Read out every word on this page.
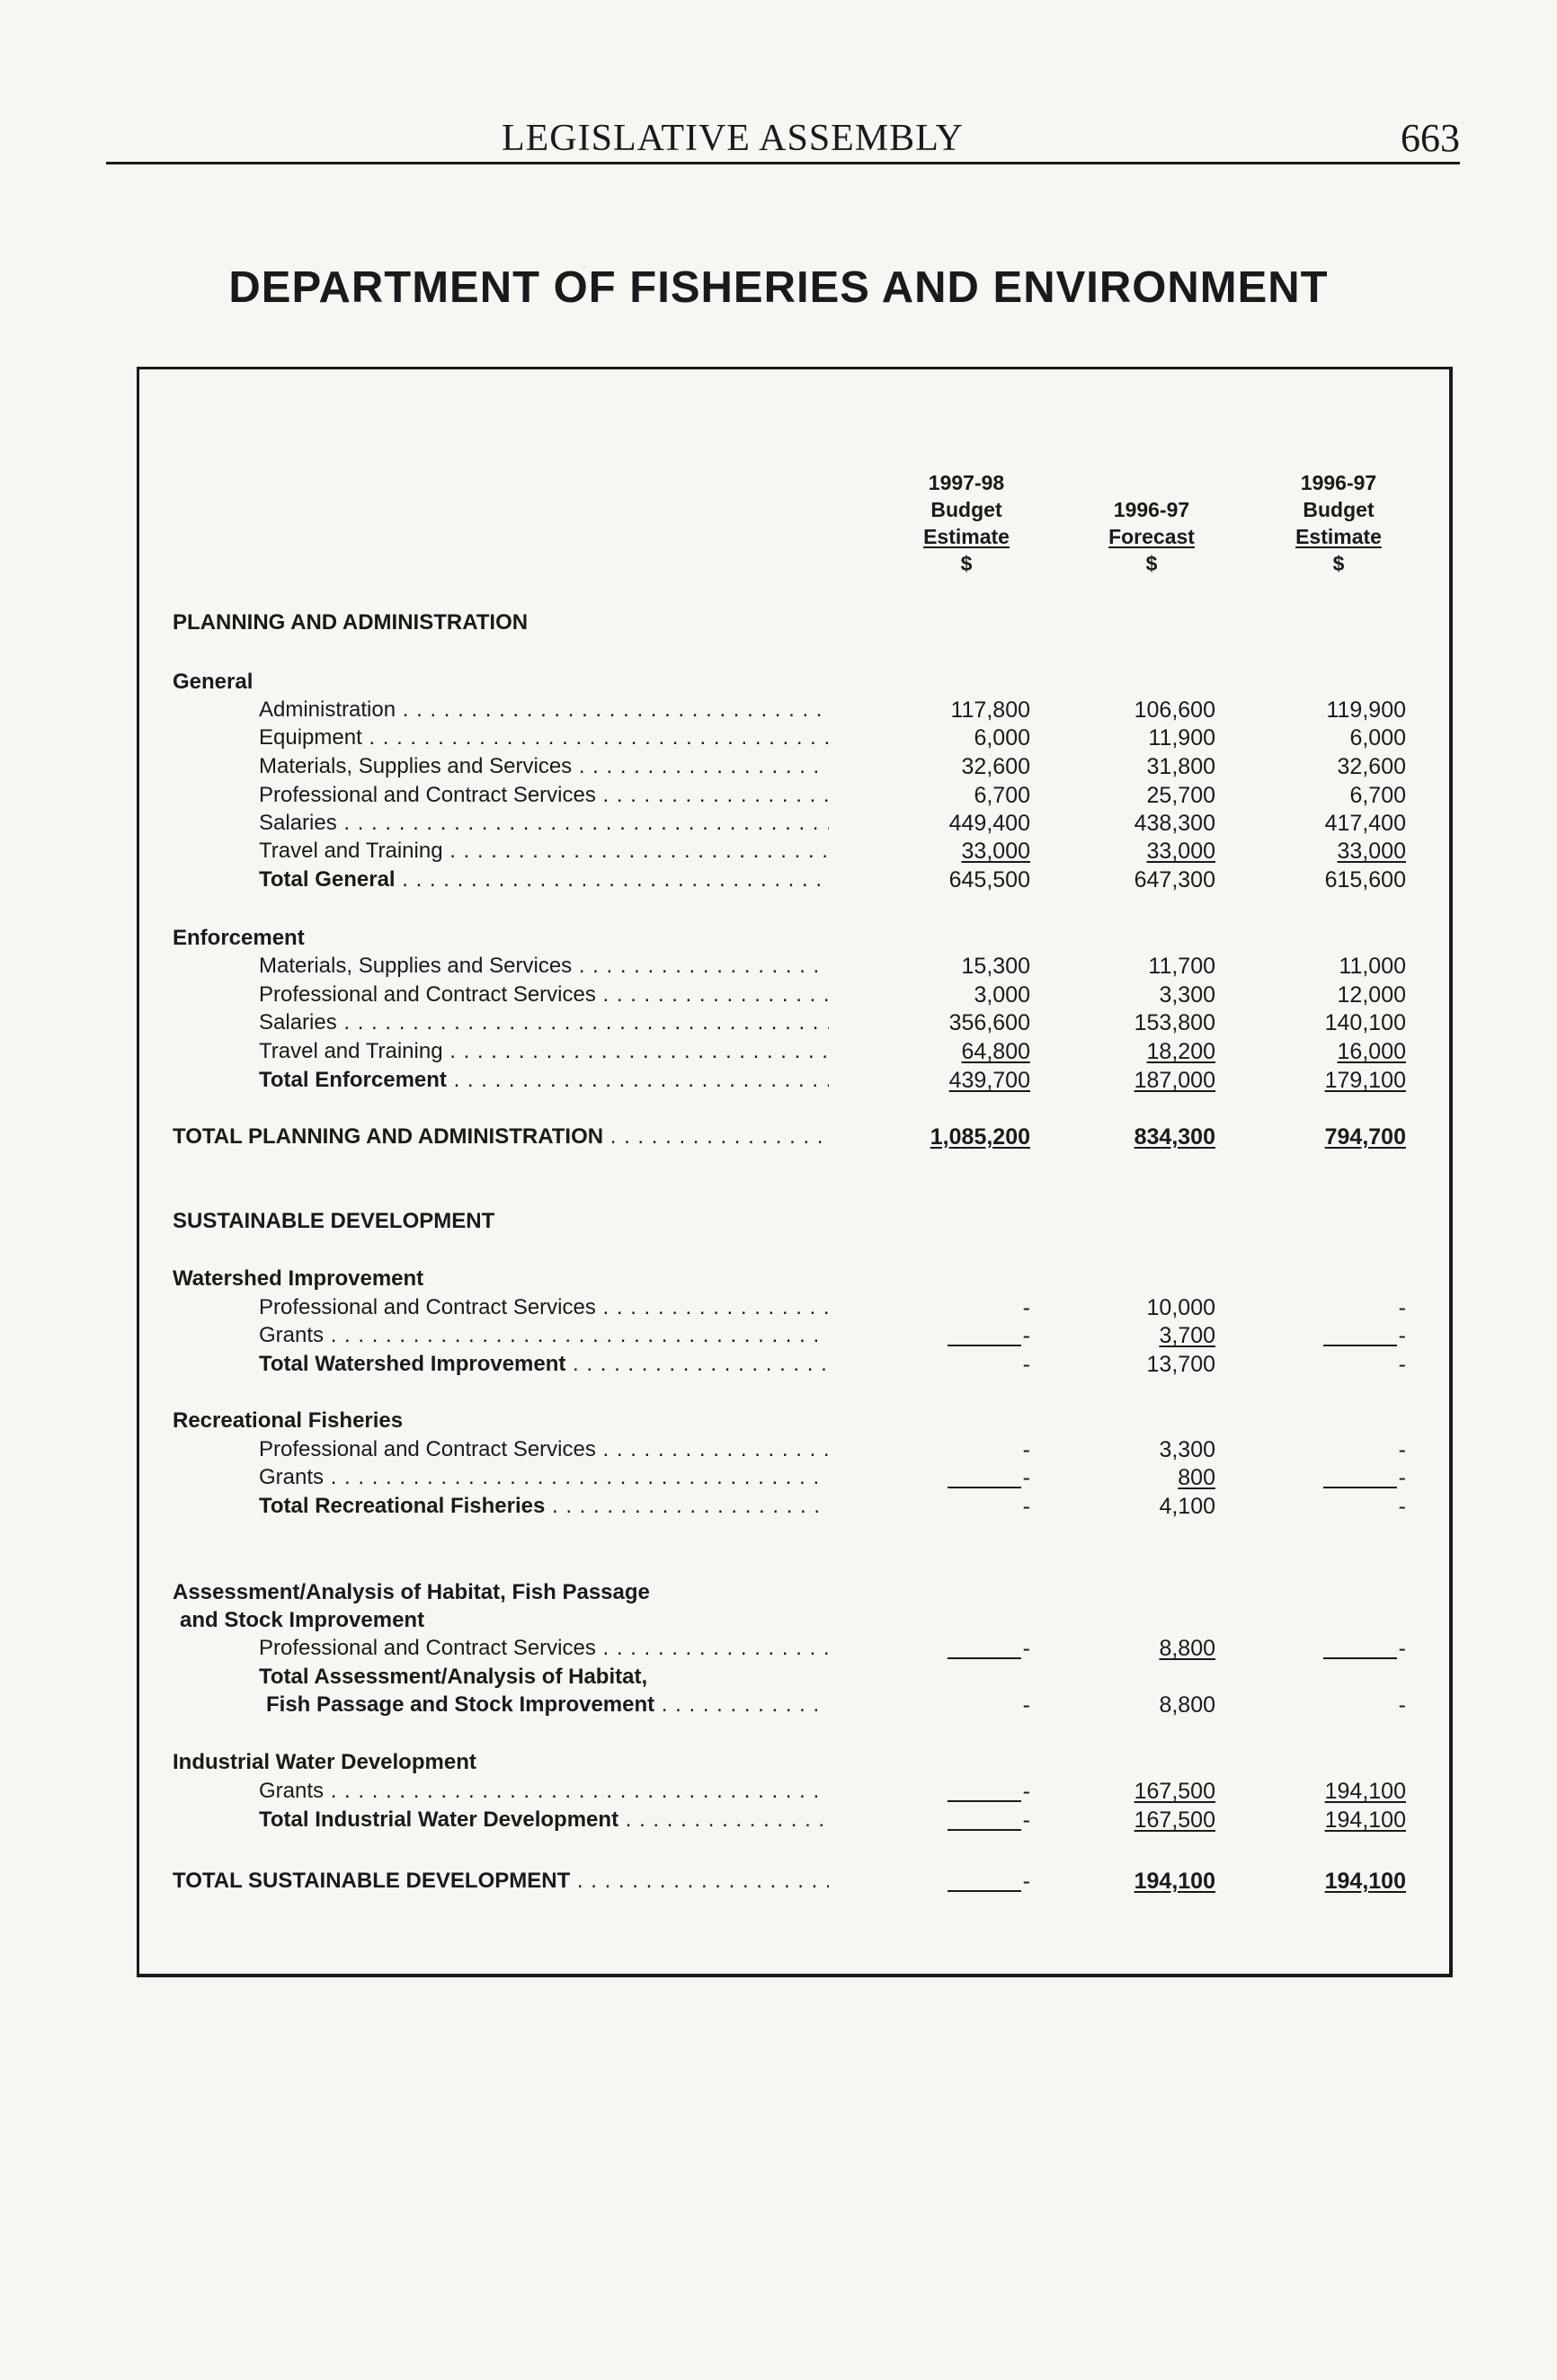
LEGISLATIVE ASSEMBLY	663
DEPARTMENT OF FISHERIES AND ENVIRONMENT
1997-98
Budget
Estimate
$
1996-97
Forecast
$
1996-97
Budget
Estimate
$
PLANNING AND ADMINISTRATION
General
Administration . . .	117,800	106,600	119,900
Equipment . . .	6,000	11,900	6,000
Materials, Supplies and Services . . .	32,600	31,800	32,600
Professional and Contract Services . . .	6,700	25,700	6,700
Salaries . . .	449,400	438,300	417,400
Travel and Training . . .	33,000	33,000	33,000
Total General . . .	645,500	647,300	615,600
Enforcement
Materials, Supplies and Services . . .	15,300	11,700	11,000
Professional and Contract Services . . .	3,000	3,300	12,000
Salaries . . .	356,600	153,800	140,100
Travel and Training . . .	64,800	18,200	16,000
Total Enforcement . . .	439,700	187,000	179,100
TOTAL PLANNING AND ADMINISTRATION . . .	1,085,200	834,300	794,700
SUSTAINABLE DEVELOPMENT
Watershed Improvement
Professional and Contract Services . . .	-	10,000	-
Grants . . .	-	3,700	-
Total Watershed Improvement . . .	-	13,700	-
Recreational Fisheries
Professional and Contract Services . . .	-	3,300	-
Grants . . .	-	800	-
Total Recreational Fisheries . . .	-	4,100	-
Assessment/Analysis of Habitat, Fish Passage
and Stock Improvement
Professional and Contract Services . . .	-	8,800	-
Total Assessment/Analysis of Habitat,
Fish Passage and Stock Improvement . . .	-	8,800	-
Industrial Water Development
Grants . . .	-	167,500	194,100
Total Industrial Water Development . . .	-	167,500	194,100
TOTAL SUSTAINABLE DEVELOPMENT . . .	-	194,100	194,100
